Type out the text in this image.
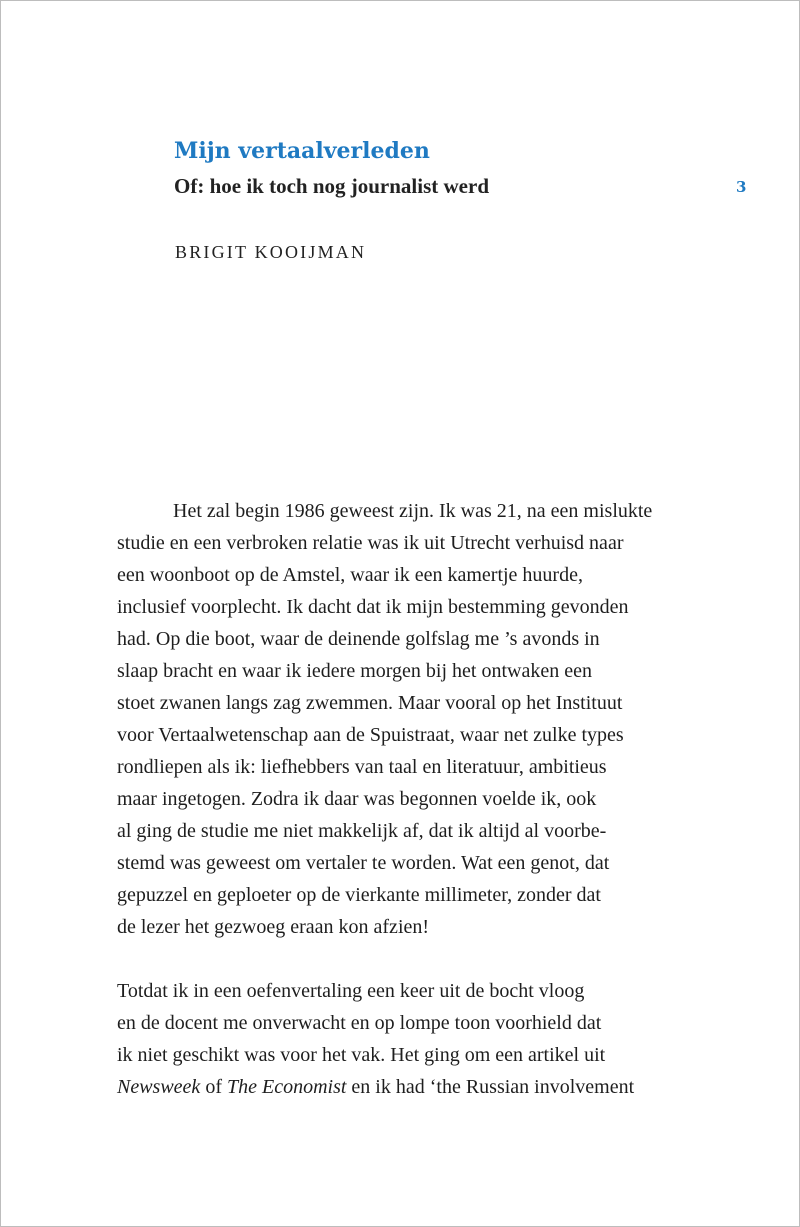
Mijn vertaalverleden
Of: hoe ik toch nog journalist werd	3
BRIGIT KOOIJMAN
Het zal begin 1986 geweest zijn. Ik was 21, na een mislukte
studie en een verbroken relatie was ik uit Utrecht verhuisd naar
een woonboot op de Amstel, waar ik een kamertje huurde,
inclusief voorplecht. Ik dacht dat ik mijn bestemming gevonden
had. Op die boot, waar de deinende golfslag me ’s avonds in
slaap bracht en waar ik iedere morgen bij het ontwaken een
stoet zwanen langs zag zwemmen. Maar vooral op het Instituut
voor Vertaalwetenschap aan de Spuistraat, waar net zulke types
rondliepen als ik: liefhebbers van taal en literatuur, ambitieus
maar ingetogen. Zodra ik daar was begonnen voelde ik, ook
al ging de studie me niet makkelijk af, dat ik altijd al voorbe-
stemd was geweest om vertaler te worden. Wat een genot, dat
gepuzzel en geploeter op de vierkante millimeter, zonder dat
de lezer het gezwoeg eraan kon afzien!
Totdat ik in een oefenvertaling een keer uit de bocht vloog
en de docent me onverwacht en op lompe toon voorhield dat
ik niet geschikt was voor het vak. Het ging om een artikel uit
Newsweek of The Economist en ik had ‘the Russian involvement
